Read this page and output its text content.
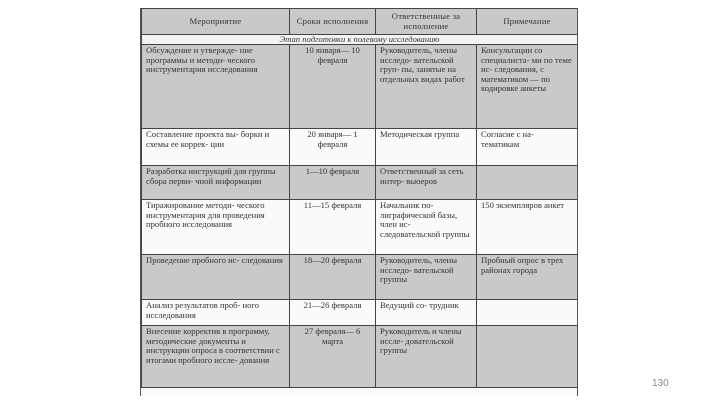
Мероприятие	Сроки исполнения	Ответственные за исполнение	Примечание
Этап подготовки к полевому исследованию			
Обсуждение и утвержде- ние программы и методи- ческого инструментария исследования	10 января— 10 февраля	Руководитель, члены исследо- вательской груп- пы, занятые на отдельных видах работ	Консультации со специалиста- ми по теме ис- следования, с математиком — по кодировке анкеты
Составление проекта вы- борки и схемы ее коррек- ции	20 января— 1 февраля	Методическая группа	Согласие с на- тематикам
Разработка инструкций для группы сбора перви- чной информации	1—10 февраля	Ответственный за сеть интер- вьюеров	
Тиражирование методи- ческого инструментария для проведения пробного исследования	11—15 февраля	Начальник по- лиграфической базы, член ис- следовательской группы	150 экземпляров анкет
Проведение пробного ис- следования	18—20 февраля	Руководитель, члены исследо- вательской группы	Пробный опрос в трех районах города
Анализ результатов проб- ного исследования	21—26 февраля	Ведущий со- трудник	
Внесение корректив в программу, методические документы и инструкции опроса в соответствии с итогами пробного иссле- дования	27 февраля— 6 марта	Руководитель и члены иссле- довательской группы	
130
